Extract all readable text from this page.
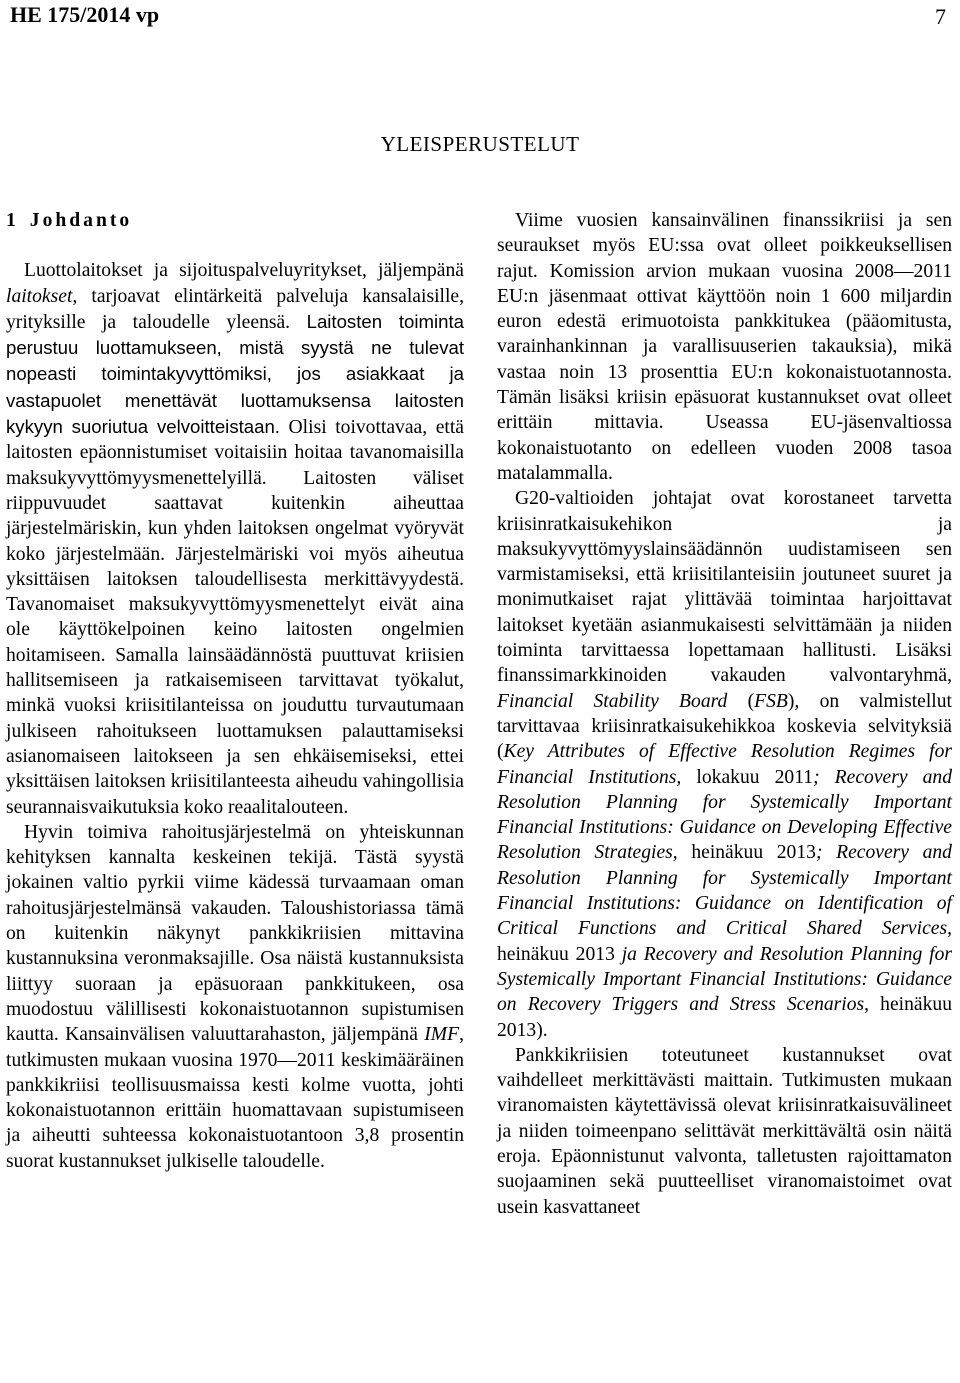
HE 175/2014 vp	7
YLEISPERUSTELUT
1 Johdanto

Luottolaitokset ja sijoituspalveluyritykset, jäljempänä laitokset, tarjoavat elintärkeitä palveluja kansalaisille, yrityksille ja taloudelle yleensä. Laitosten toiminta perustuu luottamukseen, mistä syystä ne tulevat nopeasti toimintakyvyttömiksi, jos asiakkaat ja vastapuolet menettävät luottamuksensa laitosten kykyyn suoriutua velvoitteistaan. Olisi toivottavaa, että laitosten epäonnistumiset voitaisiin hoitaa tavanomaisilla maksukyvyttömyysmenettelyillä. Laitosten väliset riippuvuudet saattavat kuitenkin aiheuttaa järjestelmäriskin, kun yhden laitoksen ongelmat vyöryvät koko järjestelmään. Järjestelmäriski voi myös aiheutua yksittäisen laitoksen taloudellisesta merkittävyydestä. Tavanomaiset maksukyvyttömyysmenettelyt eivät aina ole käyttökelpoinen keino laitosten ongelmien hoitamiseen. Samalla lainsäädännöstä puuttuvat kriisien hallitsemiseen ja ratkaisemiseen tarvittavat työkalut, minkä vuoksi kriisitilanteissa on jouduttu turvautumaan julkiseen rahoitukseen luottamuksen palauttamiseksi asianomaiseen laitokseen ja sen ehkäisemiseksi, ettei yksittäisen laitoksen kriisitilanteesta aiheudu vahingollisia seurannaisvaikutuksia koko reaalitalouteen.

Hyvin toimiva rahoitusjärjestelmä on yhteiskunnan kehityksen kannalta keskeinen tekijä. Tästä syystä jokainen valtio pyrkii viime kädessä turvaamaan oman rahoitusjärjestelmänsä vakauden. Taloushistoriassa tämä on kuitenkin näkynyt pankkikriisien mittavina kustannuksina veronmaksajille. Osa näistä kustannuksista liittyy suoraan ja epäsuoraan pankkitukeen, osa muodostuu välillisesti kokonaistuotannon supistumisen kautta. Kansainvälisen valuuttarahaston, jäljempänä IMF, tutkimusten mukaan vuosina 1970—2011 keskimääräinen pankkikriisi teollisuusmaissa kesti kolme vuotta, johti kokonaistuotannon erittäin huomattavaan supistumiseen ja aiheutti suhteessa kokonaistuotantoon 3,8 prosentin suorat kustannukset julkiselle taloudelle.

Viime vuosien kansainvälinen finanssikriisi ja sen seuraukset myös EU:ssa ovat olleet poikkeuksellisen rajut. Komission arvion mukaan vuosina 2008—2011 EU:n jäsenmaat ottivat käyttöön noin 1 600 miljardin euron edestä erimuotoista pankkitukea (pääomitusta, varainhankinnan ja varallisuuserien takauksia), mikä vastaa noin 13 prosenttia EU:n kokonaistuotannosta. Tämän lisäksi kriisin epäsuorat kustannukset ovat olleet erittäin mittavia. Useassa EU-jäsenvaltiossa kokonaistuotanto on edelleen vuoden 2008 tasoa matalammalla.

G20-valtioiden johtajat ovat korostaneet tarvetta kriisinratkaisukehikon ja maksukyvyttömyyslainsäädännön uudistamiseen sen varmistamiseksi, että kriisitilanteisiin joutuneet suuret ja monimutkaiset rajat ylittävää toimintaa harjoittavat laitokset kyetään asianmukaisesti selvittämään ja niiden toiminta tarvittaessa lopettamaan hallitusti. Lisäksi finanssimarkkinoiden vakauden valvontaryhmä, Financial Stability Board (FSB), on valmistellut tarvittavaa kriisinratkaisukehikkoa koskevia selvityksiä (Key Attributes of Effective Resolution Regimes for Financial Institutions, lokakuu 2011; Recovery and Resolution Planning for Systemically Important Financial Institutions: Guidance on Developing Effective Resolution Strategies, heinäkuu 2013; Recovery and Resolution Planning for Systemically Important Financial Institutions: Guidance on Identification of Critical Functions and Critical Shared Services, heinäkuu 2013 ja Recovery and Resolution Planning for Systemically Important Financial Institutions: Guidance on Recovery Triggers and Stress Scenarios, heinäkuu 2013).

Pankkikriisien toteutuneet kustannukset ovat vaihdelleet merkittävästi maittain. Tutkimusten mukaan viranomaisten käytettävissä olevat kriisinratkaisuvälineet ja niiden toimeenpano selittävät merkittävältä osin näitä eroja. Epäonnistunut valvonta, talletusten rajoittamaton suojaaminen sekä puutteelliset viranomaistoimet ovat usein kasvattaneet
